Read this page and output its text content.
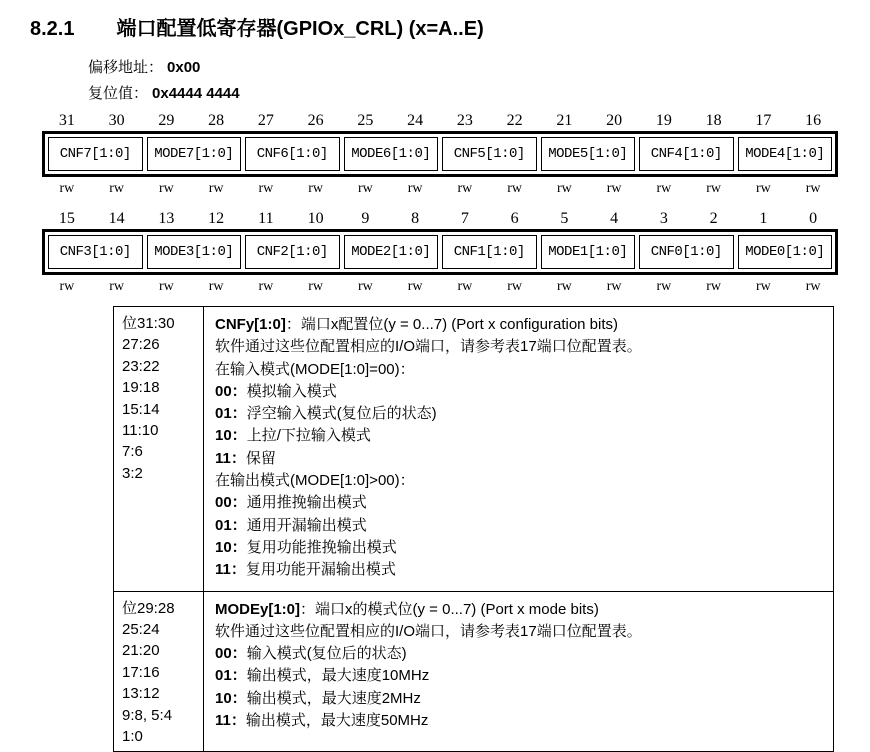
8.2.1 端口配置低寄存器(GPIOx_CRL) (x=A..E)
偏移地址： 0x00
复位值： 0x4444 4444
31	30	29	28	27	26	25	24	23	22	21	20	19	18	17	16
CNF7[1:0]	MODE7[1:0]	CNF6[1:0]	MODE6[1:0]	CNF5[1:0]	MODE5[1:0]	CNF4[1:0]	MODE4[1:0]
rw	rw	rw	rw	rw	rw	rw	rw	rw	rw	rw	rw	rw	rw	rw	rw
15	14	13	12	11	10	9	8	7	6	5	4	3	2	1	0
CNF3[1:0]	MODE3[1:0]	CNF2[1:0]	MODE2[1:0]	CNF1[1:0]	MODE1[1:0]	CNF0[1:0]	MODE0[1:0]
rw	rw	rw	rw	rw	rw	rw	rw	rw	rw	rw	rw	rw	rw	rw	rw
位31:30
27:26
23:22
19:18
15:14
11:10
7:6
3:2

CNFy[1:0]：端口x配置位(y = 0...7) (Port x configuration bits)
软件通过这些位配置相应的I/O端口，请参考表17端口位配置表。
在输入模式(MODE[1:0]=00)：
00：模拟输入模式
01：浮空输入模式(复位后的状态)
10：上拉/下拉输入模式
11：保留
在输出模式(MODE[1:0]>00)：
00：通用推挽输出模式
01：通用开漏输出模式
10：复用功能推挽输出模式
11：复用功能开漏输出模式

位29:28
25:24
21:20
17:16
13:12
9:8, 5:4
1:0

MODEy[1:0]：端口x的模式位(y = 0...7) (Port x mode bits)
软件通过这些位配置相应的I/O端口，请参考表17端口位配置表。
00：输入模式(复位后的状态)
01：输出模式，最大速度10MHz
10：输出模式，最大速度2MHz
11：输出模式，最大速度50MHz
